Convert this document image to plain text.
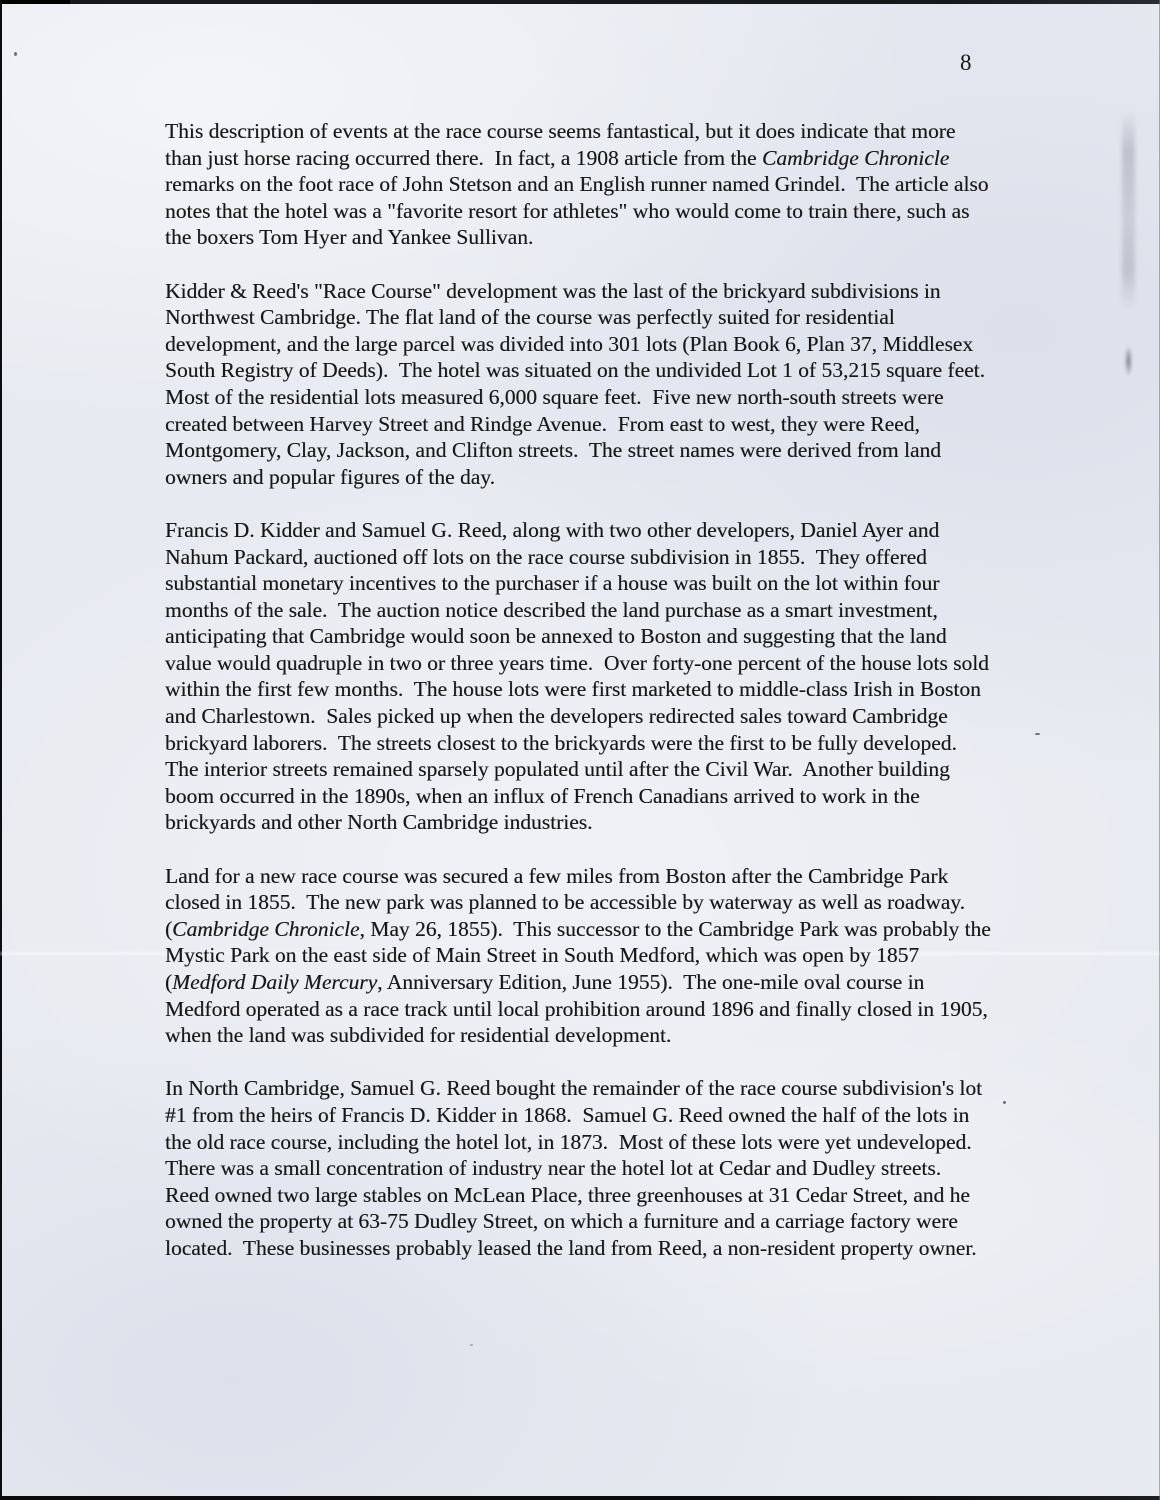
8

This description of events at the race course seems fantastical, but it does indicate that more than just horse racing occurred there.  In fact, a 1908 article from the Cambridge Chronicle remarks on the foot race of John Stetson and an English runner named Grindel.  The article also notes that the hotel was a "favorite resort for athletes" who would come to train there, such as the boxers Tom Hyer and Yankee Sullivan.

Kidder & Reed's "Race Course" development was the last of the brickyard subdivisions in Northwest Cambridge. The flat land of the course was perfectly suited for residential development, and the large parcel was divided into 301 lots (Plan Book 6, Plan 37, Middlesex South Registry of Deeds).  The hotel was situated on the undivided Lot 1 of 53,215 square feet.  Most of the residential lots measured 6,000 square feet.  Five new north-south streets were created between Harvey Street and Rindge Avenue.  From east to west, they were Reed, Montgomery, Clay, Jackson, and Clifton streets.  The street names were derived from land owners and popular figures of the day.

Francis D. Kidder and Samuel G. Reed, along with two other developers, Daniel Ayer and Nahum Packard, auctioned off lots on the race course subdivision in 1855.  They offered substantial monetary incentives to the purchaser if a house was built on the lot within four months of the sale.  The auction notice described the land purchase as a smart investment, anticipating that Cambridge would soon be annexed to Boston and suggesting that the land value would quadruple in two or three years time.  Over forty-one percent of the house lots sold within the first few months.  The house lots were first marketed to middle-class Irish in Boston and Charlestown.  Sales picked up when the developers redirected sales toward Cambridge brickyard laborers.  The streets closest to the brickyards were the first to be fully developed.  The interior streets remained sparsely populated until after the Civil War.  Another building boom occurred in the 1890s, when an influx of French Canadians arrived to work in the brickyards and other North Cambridge industries.

Land for a new race course was secured a few miles from Boston after the Cambridge Park closed in 1855.  The new park was planned to be accessible by waterway as well as roadway. (Cambridge Chronicle, May 26, 1855).  This successor to the Cambridge Park was probably the Mystic Park on the east side of Main Street in South Medford, which was open by 1857 (Medford Daily Mercury, Anniversary Edition, June 1955).  The one-mile oval course in Medford operated as a race track until local prohibition around 1896 and finally closed in 1905, when the land was subdivided for residential development.

In North Cambridge, Samuel G. Reed bought the remainder of the race course subdivision's lot #1 from the heirs of Francis D. Kidder in 1868.  Samuel G. Reed owned the half of the lots in the old race course, including the hotel lot, in 1873.  Most of these lots were yet undeveloped.  There was a small concentration of industry near the hotel lot at Cedar and Dudley streets.  Reed owned two large stables on McLean Place, three greenhouses at 31 Cedar Street, and he owned the property at 63-75 Dudley Street, on which a furniture and a carriage factory were located.  These businesses probably leased the land from Reed, a non-resident property owner.
